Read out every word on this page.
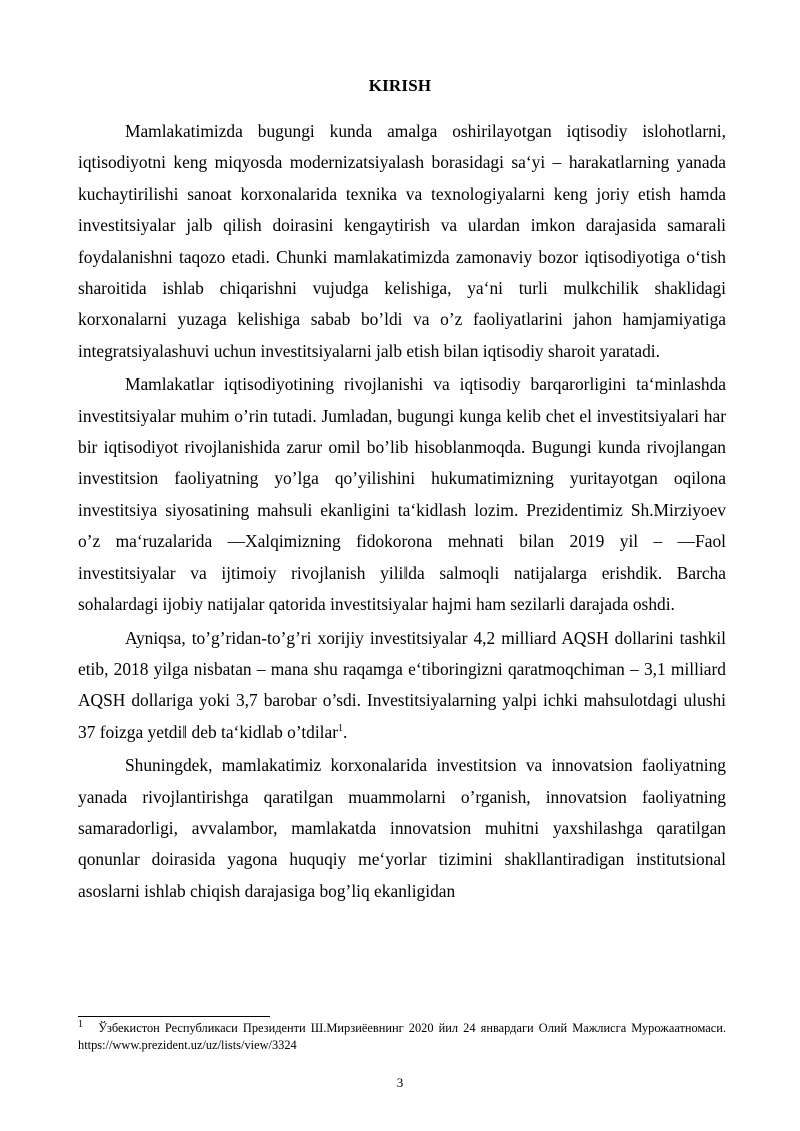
KIRISH

Mamlakatimizda bugungi kunda amalga oshirilayotgan iqtisodiy islohotlarni, iqtisodiyotni keng miqyosda modernizatsiyalash borasidagi sa‘yi – harakatlarning yanada kuchaytirilishi sanoat korxonalarida texnika va texnologiyalarni keng joriy etish hamda investitsiyalar jalb qilish doirasini kengaytirish va ulardan imkon darajasida samarali foydalanishni taqozo etadi. Chunki mamlakatimizda zamonaviy bozor iqtisodiyotiga o‘tish sharoitida ishlab chiqarishni vujudga kelishiga, ya‘ni turli mulkchilik shaklidagi korxonalarni yuzaga kelishiga sabab bo’ldi va o’z faoliyatlarini jahon hamjamiyatiga integratsiyalashuvi uchun investitsiyalarni jalb etish bilan iqtisodiy sharoit yaratadi.

Mamlakatlar iqtisodiyotining rivojlanishi va iqtisodiy barqarorligini ta‘minlashda investitsiyalar muhim o’rin tutadi. Jumladan, bugungi kunga kelib chet el investitsiyalari har bir iqtisodiyot rivojlanishida zarur omil bo’lib hisoblanmoqda. Bugungi kunda rivojlangan investitsion faoliyatning yo’lga qo’yilishini hukumatimizning yuritayotgan oqilona investitsiya siyosatining mahsuli ekanligini ta‘kidlash lozim. Prezidentimiz Sh.Mirziyoev o’z ma‘ruzalarida ―Xalqimizning fidokorona mehnati bilan 2019 yil – ―Faol investitsiyalar va ijtimoiy rivojlanish yili‖da salmoqli natijalarga erishdik. Barcha sohalardagi ijobiy natijalar qatorida investitsiyalar hajmi ham sezilarli darajada oshdi.

Ayniqsa, to’g’ridan-to’g’ri xorijiy investitsiyalar 4,2 milliard AQSH dollarini tashkil etib, 2018 yilga nisbatan – mana shu raqamga e‘tiboringizni qaratmoqchiman – 3,1 milliard AQSH dollariga yoki 3,7 barobar o’sdi. Investitsiyalarning yalpi ichki mahsulotdagi ulushi 37 foizga yetdi‖ deb ta‘kidlab o’tdilar$^1$.

Shuningdek, mamlakatimiz korxonalarida investitsion va innovatsion faoliyatning yanada rivojlantirishga qaratilgan muammolarni o’rganish, innovatsion faoliyatning samaradorligi, avvalambor, mamlakatda innovatsion muhitni yaxshilashga qaratilgan qonunlar doirasida yagona huquqiy me‘yorlar tizimini shakllantiradigan institutsional asoslarni ishlab chiqish darajasiga bog’liq ekanligidan

$^1$ Ўзбекистон Республикаси Президенти Ш.Мирзиёевнинг 2020 йил 24 январдаги Олий Мажлисга Мурожаатномаси. https://www.prezident.uz/uz/lists/view/3324
3
